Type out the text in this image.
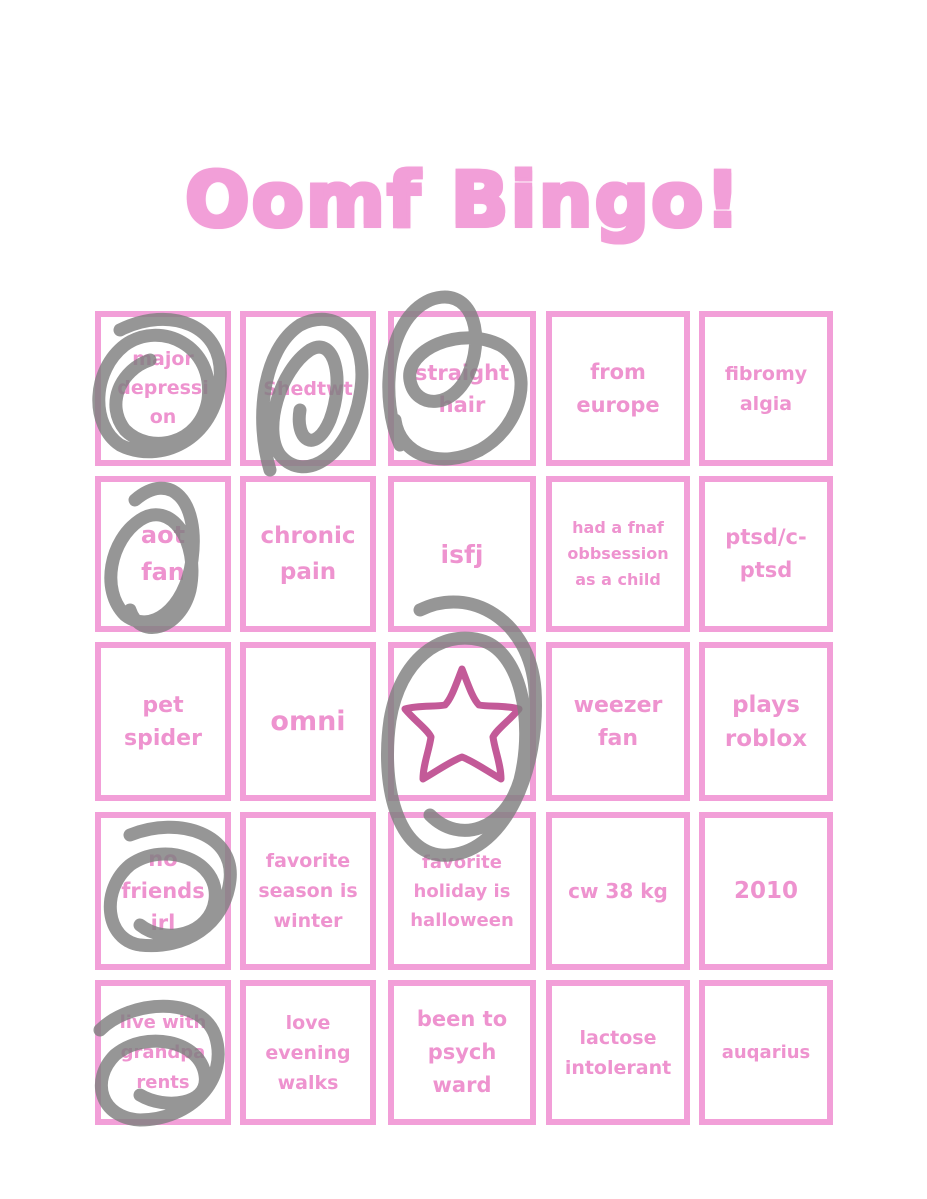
Oomf Bingo!
major depressi on
Shedtwt
straight hair
from europe
fibromy algia
aot fan
chronic pain
isfj
had a fnaf obbsession as a child
ptsd/c-ptsd
pet spider
omni
weezer fan
plays roblox
no friends irl
favorite season is winter
favorite holiday is halloween
cw 38 kg	2010
live with grandpa rents
love evening walks
been to psych ward
lactose intolerant
auqarius
